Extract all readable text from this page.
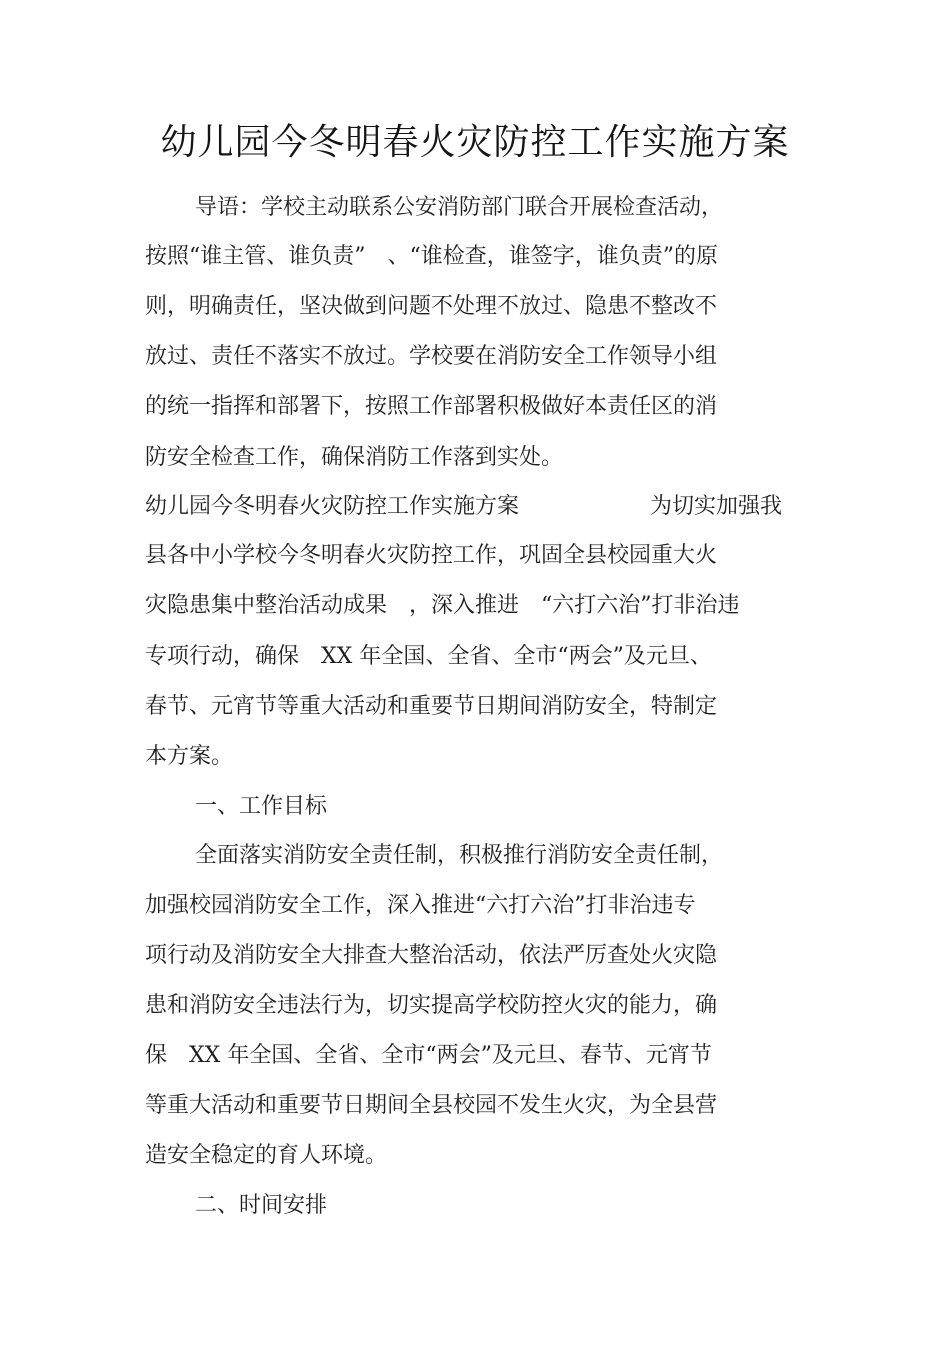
幼儿园今冬明春火灾防控工作实施方案
导语：学校主动联系公安消防部门联合开展检查活动，
按照“谁主管、谁负责”　、“谁检查，谁签字，谁负责”的原
则，明确责任，坚决做到问题不处理不放过、隐患不整改不
放过、责任不落实不放过。学校要在消防安全工作领导小组
的统一指挥和部署下，按照工作部署积极做好本责任区的消
防安全检查工作，确保消防工作落到实处。
幼儿园今冬明春火灾防控工作实施方案	为切实加强我
县各中小学校今冬明春火灾防控工作，巩固全县校园重大火
灾隐患集中整治活动成果　，深入推进　“六打六治”打非治违
专项行动，确保　XX 年全国、全省、全市“两会”及元旦、
春节、元宵节等重大活动和重要节日期间消防安全，特制定
本方案。
一、工作目标
全面落实消防安全责任制，积极推行消防安全责任制，
加强校园消防安全工作，深入推进“六打六治”打非治违专
项行动及消防安全大排查大整治活动，依法严厉查处火灾隐
患和消防安全违法行为，切实提高学校防控火灾的能力，确
保　XX 年全国、全省、全市“两会”及元旦、春节、元宵节
等重大活动和重要节日期间全县校园不发生火灾，为全县营
造安全稳定的育人环境。
二、时间安排
